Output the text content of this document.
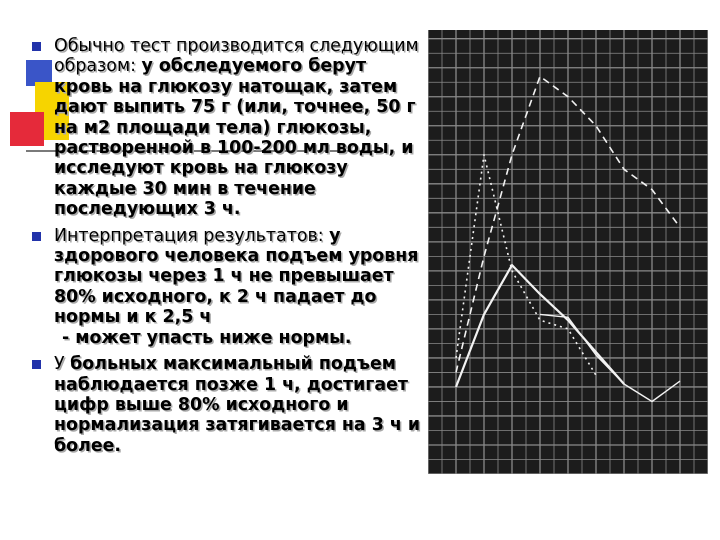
Обычно тест производится следующим образом: у обследуемого берут кровь на глюкозу натощак, затем дают выпить 75 г (или, точнее, 50 г на м2 площади тела) глюкозы, растворенной в 100-200 мл воды, и исследуют кровь на глюкозу каждые 30 мин в течение последующих 3 ч.
Интерпретация результатов: у здорового человека подъем уровня глюкозы через 1 ч не превышает 80% исходного, к 2 ч падает до нормы и к 2,5 ч
- может упасть ниже нормы.
У больных максимальный подъем наблюдается позже 1 ч, достигает цифр выше 80% исходного и нормализация затягивается на 3 ч и более.
